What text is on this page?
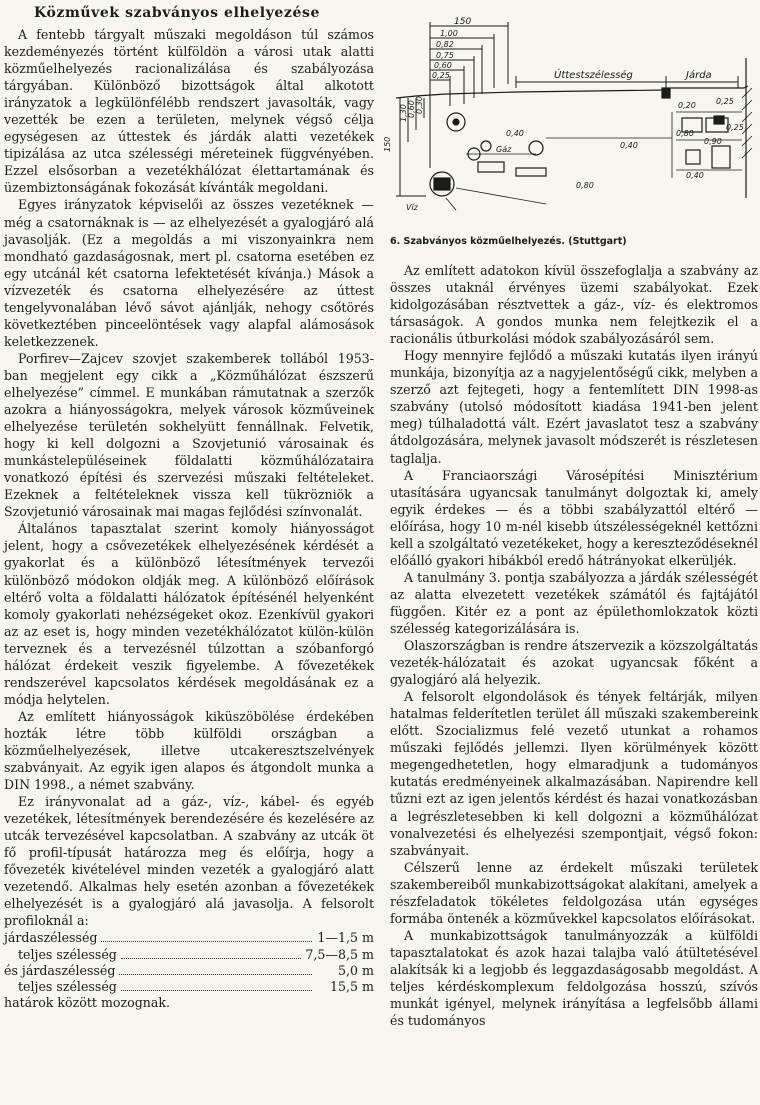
Közművek szabványos elhelyezése

A fentebb tárgyalt műszaki megoldáson túl számos kezdeményezés történt külföldön a városi utak alatti közműelhelyezés racionalizálása és szabályozása tárgyában. Különböző bizottságok által alkotott irányzatok a legkülönfélébb rendszert javasolták, vagy vezették be ezen a területen, melynek végső célja egységesen az úttestek és járdák alatti vezetékek tipizálása az utca szélességi méreteinek függvényében. Ezzel elsősorban a vezetékhálózat élettartamának és üzembiztonságának fokozását kívánták megoldani.

Egyes irányzatok képviselői az összes vezetéknek — még a csatornáknak is — az elhelyezését a gyalogjáró alá javasolják. (Ez a megoldás a mi viszonyainkra nem mondható gazdaságosnak, mert pl. csatorna esetében ez egy utcánál két csatorna lefektetését kívánja.) Mások a vízvezeték és csatorna elhelyezésére az úttest tengelyvonalában lévő sávot ajánlják, nehogy csőtörés következtében pinceelöntések vagy alapfal alámosások keletkezzenek.

Porfirev—Zajcev szovjet szakemberek tollából 1953-ban megjelent egy cikk a „Közműhálózat észszerű elhelyezése” címmel. E munkában rámutatnak a szerzők azokra a hiányosságokra, melyek városok közműveinek elhelyezése területén sokhelyütt fennállnak. Felvetik, hogy ki kell dolgozni a Szovjetunió városainak és munkástelepüléseinek földalatti közműhálózataira vonatkozó építési és szervezési műszaki feltételeket. Ezeknek a feltételeknek vissza kell tükrözniök a Szovjetunió városainak mai magas fejlődési színvonalát.

Általános tapasztalat szerint komoly hiányosságot jelent, hogy a csővezetékek elhelyezésének kérdését a gyakorlat és a különböző létesítmények tervezői különböző módokon oldják meg. A különböző előírások eltérő volta a földalatti hálózatok építésénél helyenként komoly gyakorlati nehézségeket okoz. Ezenkívül gyakori az az eset is, hogy minden vezetékhálózatot külön-külön terveznek és a tervezésnél túlzottan a szóbanforgó hálózat érdekeit veszik figyelembe. A fővezetékek rendszerével kapcsolatos kérdések megoldásának ez a módja helytelen.

Az említett hiányosságok kiküszöbölése érdekében hozták létre több külföldi országban a közműelhelyezések, illetve utcakeresztszelvények szabványait. Az egyik igen alapos és átgondolt munka a DIN 1998., a német szabvány.

Ez irányvonalat ad a gáz-, víz-, kábel- és egyéb vezetékek, létesítmények berendezésére és kezelésére az utcák tervezésével kapcsolatban. A szabvány az utcák öt fő profil-típusát határozza meg és előírja, hogy a fővezeték kivételével minden vezeték a gyalogjáró alatt vezetendő. Alkalmas hely esetén azonban a fővezetékek elhelyezését is a gyalogjáró alá javasolja. A felsorolt profiloknál a:

járdaszélesség	1—1,5 m
teljes szélesség	7,5—8,5 m
és járdaszélesség	5,0 m
teljes szélesség	15,5 m
határok között mozognak.
150
1,00
0,82
0,75
0,60
0,25	Úttestszélesség	Járda
150
1,30 0,60 0,30	0,25
0,20
0,80
0,90
0,40
0,40
0,40
0,25
0,80
Gáz
Víz
6. Szabványos közműelhelyezés. (Stuttgart)

Az említett adatokon kívül összefoglalja a szabvány az összes utaknál érvényes üzemi szabályokat. Ezek kidolgozásában résztvettek a gáz-, víz- és elektromos társaságok. A gondos munka nem felejtkezik el a racionális útburkolási módok szabályozásáról sem.

Hogy mennyire fejlődő a műszaki kutatás ilyen irányú munkája, bizonyítja az a nagyjelentőségű cikk, melyben a szerző azt fejtegeti, hogy a fentemlített DIN 1998-as szabvány (utolsó módosított kiadása 1941-ben jelent meg) túlhaladottá vált. Ezért javaslatot tesz a szabvány átdolgozására, melynek javasolt módszerét is részletesen taglalja.

A Franciaországi Városépítési Minisztérium utasítására ugyancsak tanulmányt dolgoztak ki, amely egyik érdekes — és a többi szabályzattól eltérő — előírása, hogy 10 m-nél kisebb útszélességeknél kettőzni kell a szolgáltató vezetékeket, hogy a kereszteződéseknél előálló gyakori hibákból eredő hátrányokat elkerüljék.

A tanulmány 3. pontja szabályozza a járdák szélességét az alatta elvezetett vezetékek számától és fajtájától függően. Kitér ez a pont az épülethomlokzatok közti szélesség kategorizálására is.

Olaszországban is rendre átszervezik a közszolgáltatás vezeték-hálózatait és azokat ugyancsak főként a gyalogjáró alá helyezik.

A felsorolt elgondolások és tények feltárják, milyen hatalmas felderítetlen terület áll műszaki szakembereink előtt. Szocializmus felé vezető utunkat a rohamos műszaki fejlődés jellemzi. Ilyen körülmények között megengedhetetlen, hogy elmaradjunk a tudományos kutatás eredményeinek alkalmazásában. Napirendre kell tűzni ezt az igen jelentős kérdést és hazai vonatkozásban a legrészletesebben ki kell dolgozni a közműhálózat vonalvezetési és elhelyezési szempontjait, végső fokon: szabványait.

Célszerű lenne az érdekelt műszaki területek szakembereiből munkabizottságokat alakítani, amelyek a részfeladatok tökéletes feldolgozása után egységes formába öntenék a közművekkel kapcsolatos előírásokat.

A munkabizottságok tanulmányozzák a külföldi tapasztalatokat és azok hazai talajba való átültetésével alakítsák ki a legjobb és leggazdaságosabb megoldást. A teljes kérdéskomplexum feldolgozása hosszú, szívós munkát igényel, melynek irányítása a legfelsőbb állami és tudományos
